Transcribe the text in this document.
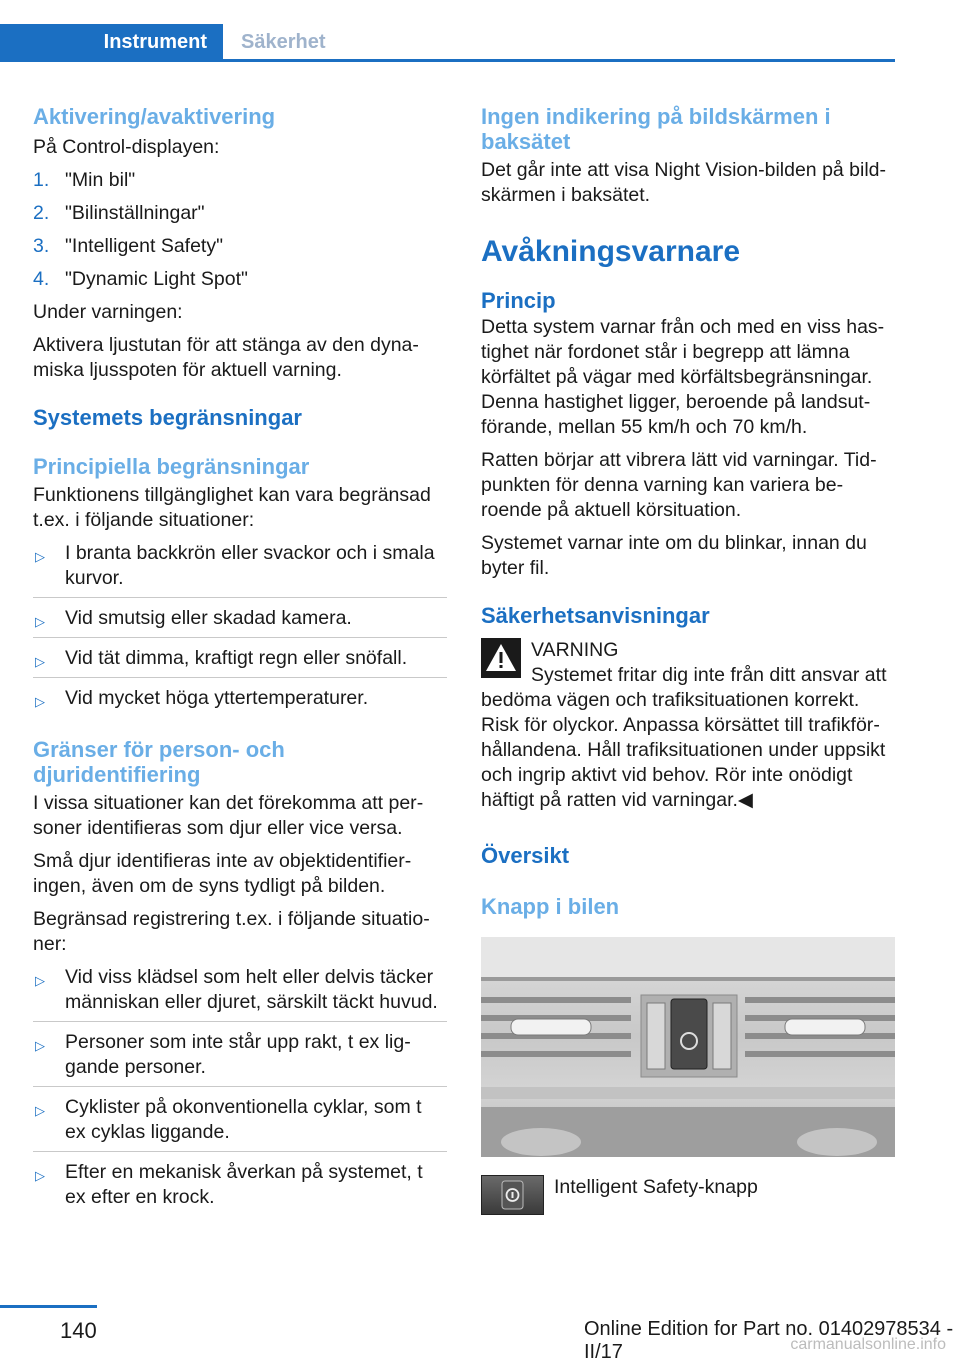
Instrument	Säkerhet
Aktivering/avaktivering

På Control-displayen:

1. "Min bil"
2. "Bilinställningar"
3. "Intelligent Safety"
4. "Dynamic Light Spot"

Under varningen:

Aktivera ljustutan för att stänga av den dynamiska ljusspoten för aktuell varning.

Systemets begränsningar
Principiella begränsningar

Funktionens tillgänglighet kan vara begränsad t.ex. i följande situationer:

▷ I branta backkrön eller svackor och i smala kurvor.
▷ Vid smutsig eller skadad kamera.
▷ Vid tät dimma, kraftigt regn eller snöfall.
▷ Vid mycket höga yttertemperaturer.
Gränser för person- och djuridentifiering

I vissa situationer kan det förekomma att personer identifieras som djur eller vice versa.

Små djur identifieras inte av objektidentifieringen, även om de syns tydligt på bilden.

Begränsad registrering t.ex. i följande situationer:

▷ Vid viss klädsel som helt eller delvis täcker människan eller djuret, särskilt täckt huvud.
▷ Personer som inte står upp rakt, t ex liggande personer.
▷ Cyklister på okonventionella cyklar, som t ex cyklas liggande.
▷ Efter en mekanisk åverkan på systemet, t ex efter en krock.
Ingen indikering på bildskärmen i baksätet

Det går inte att visa Night Vision-bilden på bildskärmen i baksätet.

Avåkningsvarnare
Princip

Detta system varnar från och med en viss hastighet när fordonet står i begrepp att lämna körfältet på vägar med körfältsbegränsningar. Denna hastighet ligger, beroende på landsutförande, mellan 55 km/h och 70 km/h.

Ratten börjar att vibrera lätt vid varningar. Tidpunkten för denna varning kan variera beroende på aktuell körsituation.

Systemet varnar inte om du blinkar, innan du byter fil.

Säkerhetsanvisningar
VARNING
Systemet fritar dig inte från ditt ansvar att bedöma vägen och trafiksituationen korrekt. Risk för olyckor. Anpassa körsättet till trafikförhållandena. Håll trafiksituationen under uppsikt och ingrip aktivt vid behov. Rör inte onödigt häftigt på ratten vid varningar.◀
Översikt
Knapp i bilen
Intelligent Safety-knapp
140	Online Edition for Part no. 01402978534 - II/17	carmanualsonline.info
